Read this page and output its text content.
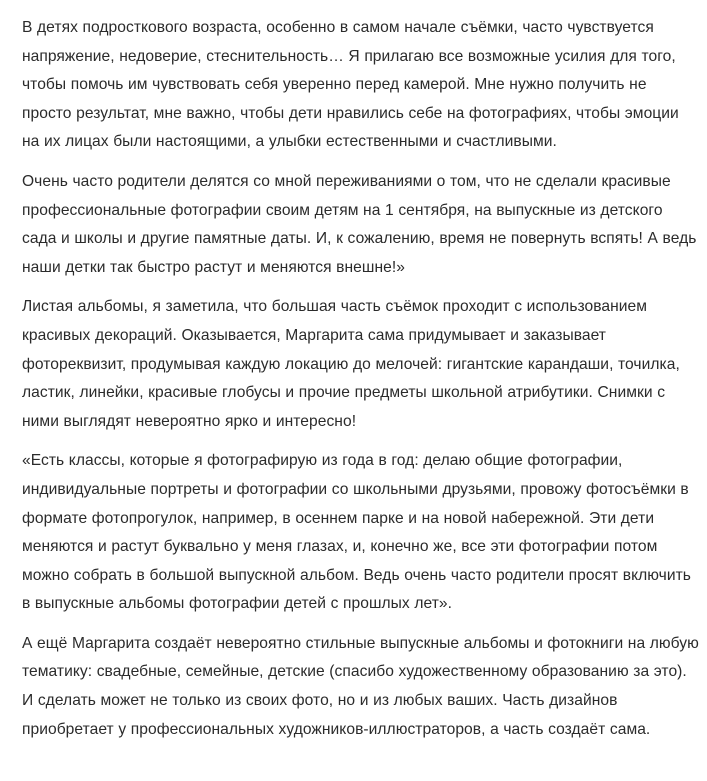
В детях подросткового возраста, особенно в самом начале съёмки, часто чувствуется напряжение, недоверие, стеснительность… Я прилагаю все возможные усилия для того, чтобы помочь им чувствовать себя уверенно перед камерой. Мне нужно получить не просто результат, мне важно, чтобы дети нравились себе на фотографиях, чтобы эмоции на их лицах были настоящими, а улыбки естественными и счастливыми.

Очень часто родители делятся со мной переживаниями о том, что не сделали красивые профессиональные фотографии своим детям на 1 сентября, на выпускные из детского сада и школы и другие памятные даты. И, к сожалению, время не повернуть вспять! А ведь наши детки так быстро растут и меняются внешне!»

Листая альбомы, я заметила, что большая часть съёмок проходит с использованием красивых декораций. Оказывается, Маргарита сама придумывает и заказывает фотореквизит, продумывая каждую локацию до мелочей: гигантские карандаши, точилка, ластик, линейки, красивые глобусы и прочие предметы школьной атрибутики. Снимки с ними выглядят невероятно ярко и интересно!

«Есть классы, которые я фотографирую из года в год: делаю общие фотографии, индивидуальные портреты и фотографии со школьными друзьями, провожу фотосъёмки в формате фотопрогулок, например, в осеннем парке и на новой набережной. Эти дети меняются и растут буквально у меня глазах, и, конечно же, все эти фотографии потом можно собрать в большой выпускной альбом. Ведь очень часто родители просят включить в выпускные альбомы фотографии детей с прошлых лет».

А ещё Маргарита создаёт невероятно стильные выпускные альбомы и фотокниги на любую тематику: свадебные, семейные, детские (спасибо художественному образованию за это). И сделать может не только из своих фото, но и из любых ваших. Часть дизайнов приобретает у профессиональных художников-иллюстраторов, а часть создаёт сама.
